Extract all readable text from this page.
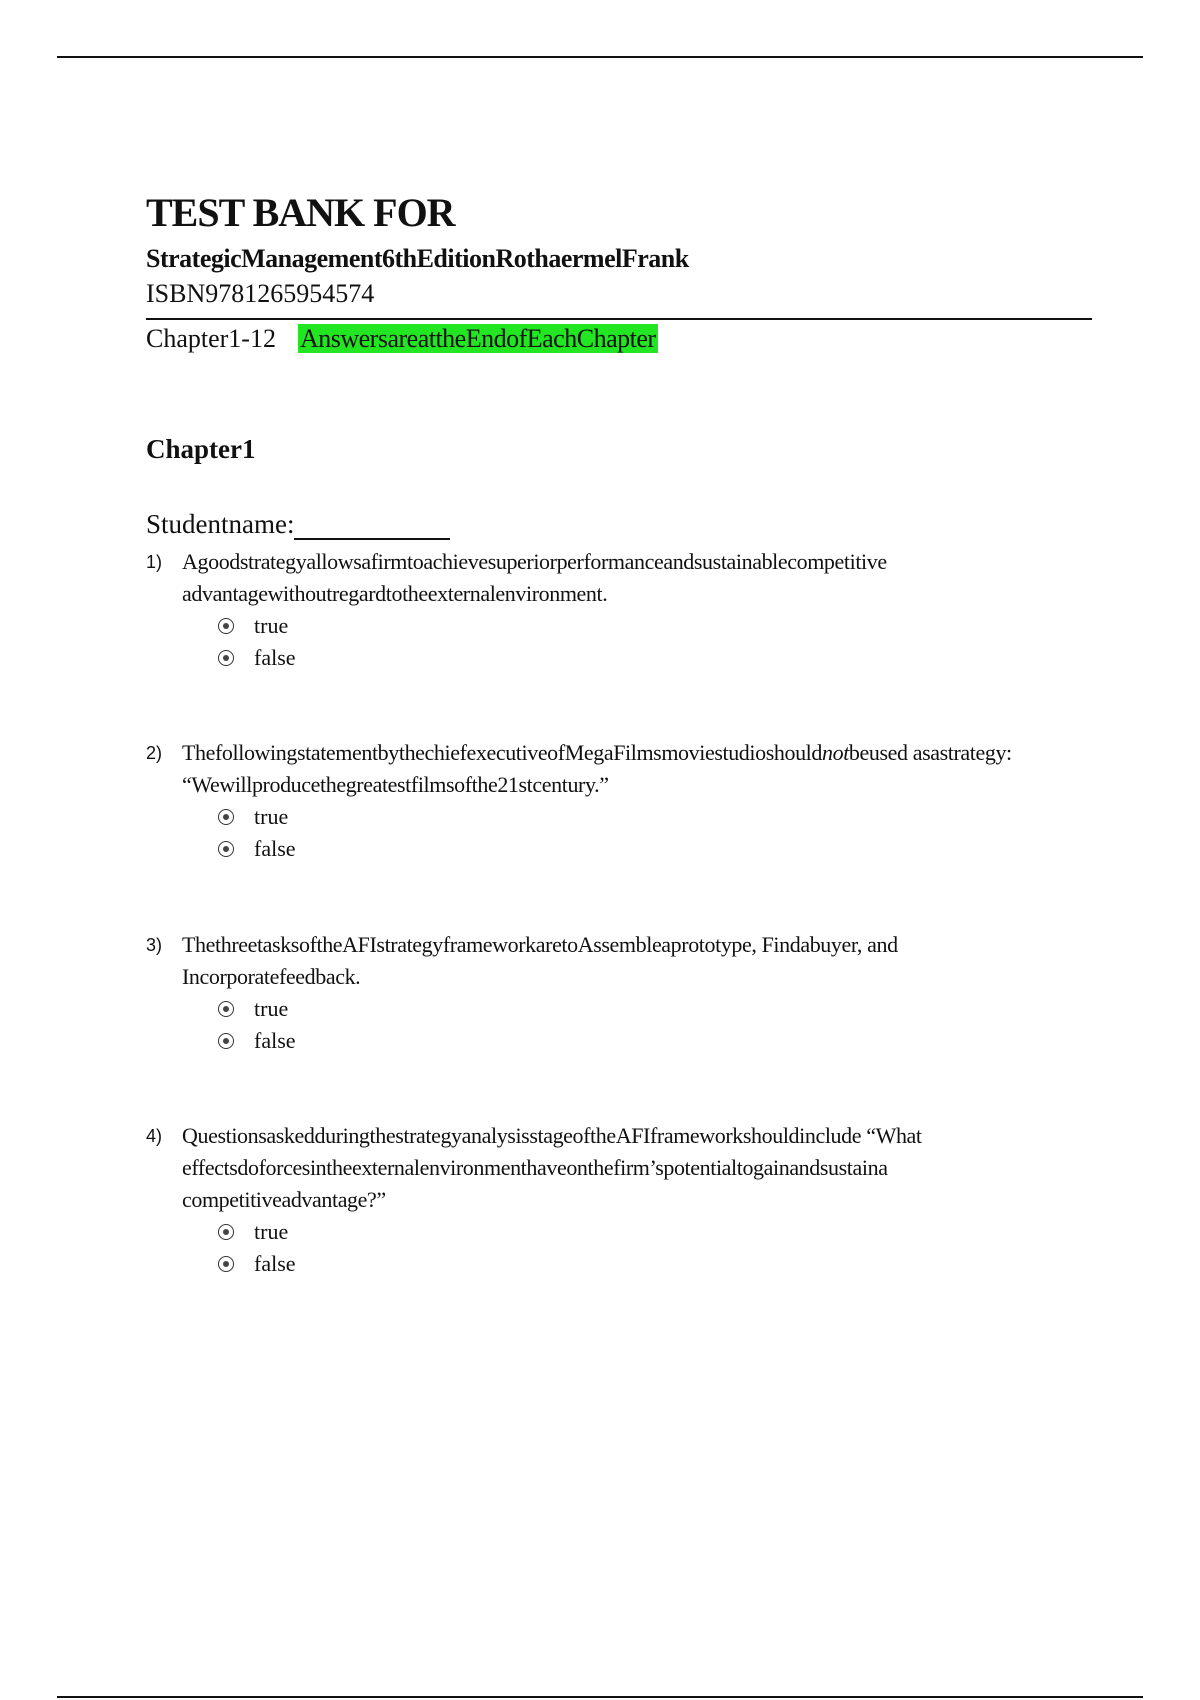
TEST BANK FOR
StrategicManagement6thEditionRothaermelFrank
ISBN9781265954574
Chapter1-12 AnswersareattheEndofEachChapter
Chapter1
Studentname:
1) Agoodstrategyallowsafirmtoachievesuperiorperformanceandsustainablecompetitive advantagewithoutregardtotheexternalenvironment.
true
false
2) ThefollowingstatementbythechiefexecutiveofMegaFilmsmoviestudioshouldnotbeused asastrategy: “Wewillproducethegreatestfilmsofthe21stcentury.”
true
false
3) ThethreetasksoftheAFIstrategyframeworkaretoAssembleaprototype, Findabuyer, and Incorporatefeedback.
true
false
4) QuestionsaskedduringthestrategyanalysisstageoftheAFIframeworkshouldinclude “What effectsdoforcesintheexternalenvironmenthaveonthefirm’spotentialtogainandsustaina competitiveadvantage?”
true
false
